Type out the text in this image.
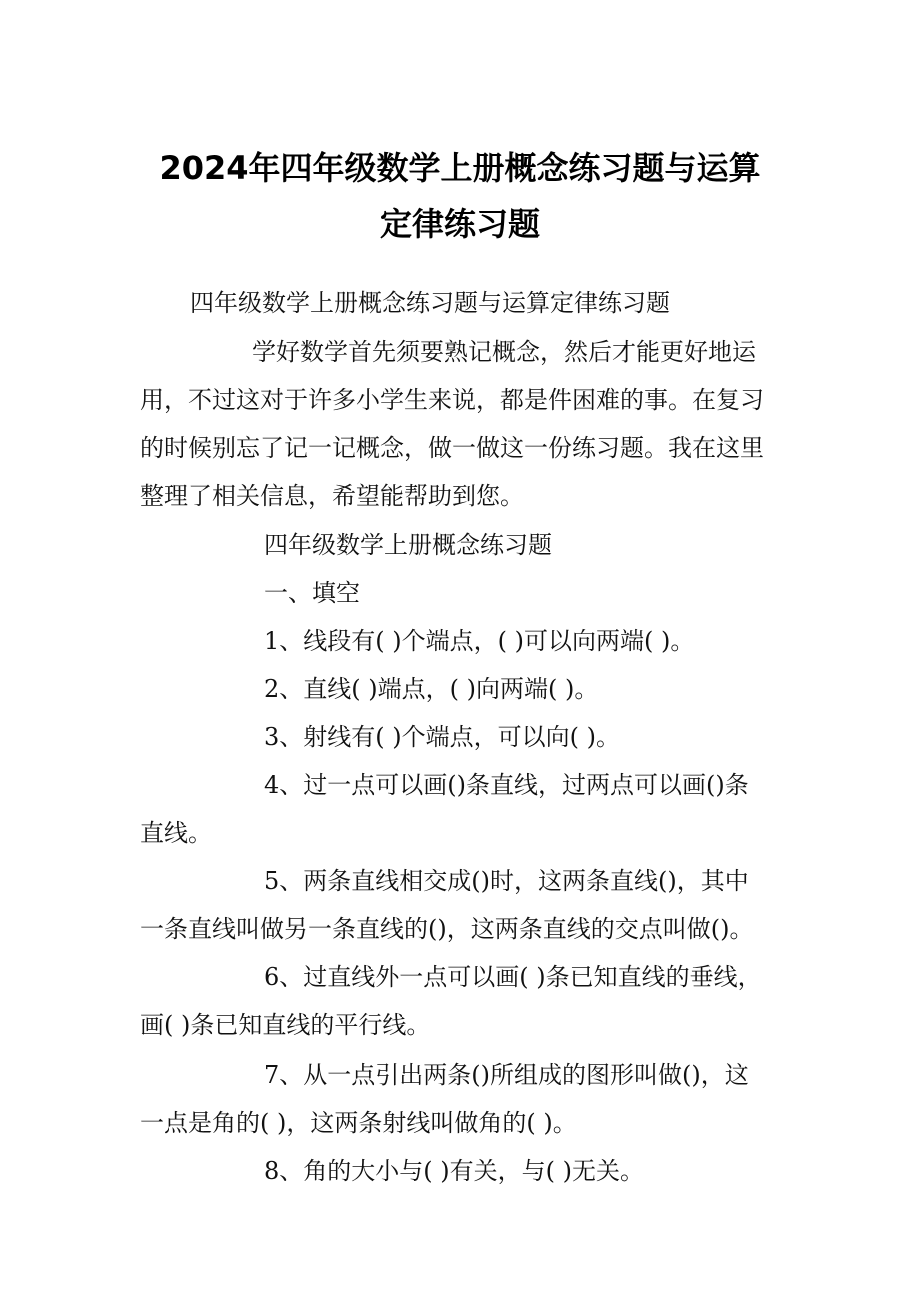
2024年四年级数学上册概念练习题与运算
定律练习题
四年级数学上册概念练习题与运算定律练习题
学好数学首先须要熟记概念，然后才能更好地运
用，不过这对于许多小学生来说，都是件困难的事。在复习
的时候别忘了记一记概念，做一做这一份练习题。我在这里
整理了相关信息，希望能帮助到您。
四年级数学上册概念练习题
一、填空
1、线段有( )个端点，( )可以向两端( )。
2、直线( )端点，( )向两端( )。
3、射线有( )个端点，可以向( )。
4、过一点可以画()条直线，过两点可以画()条
直线。
5、两条直线相交成()时，这两条直线()，其中
一条直线叫做另一条直线的()，这两条直线的交点叫做()。
6、过直线外一点可以画( )条已知直线的垂线，
画( )条已知直线的平行线。
7、从一点引出两条()所组成的图形叫做()，这
一点是角的( )，这两条射线叫做角的( )。
8、角的大小与( )有关，与( )无关。
